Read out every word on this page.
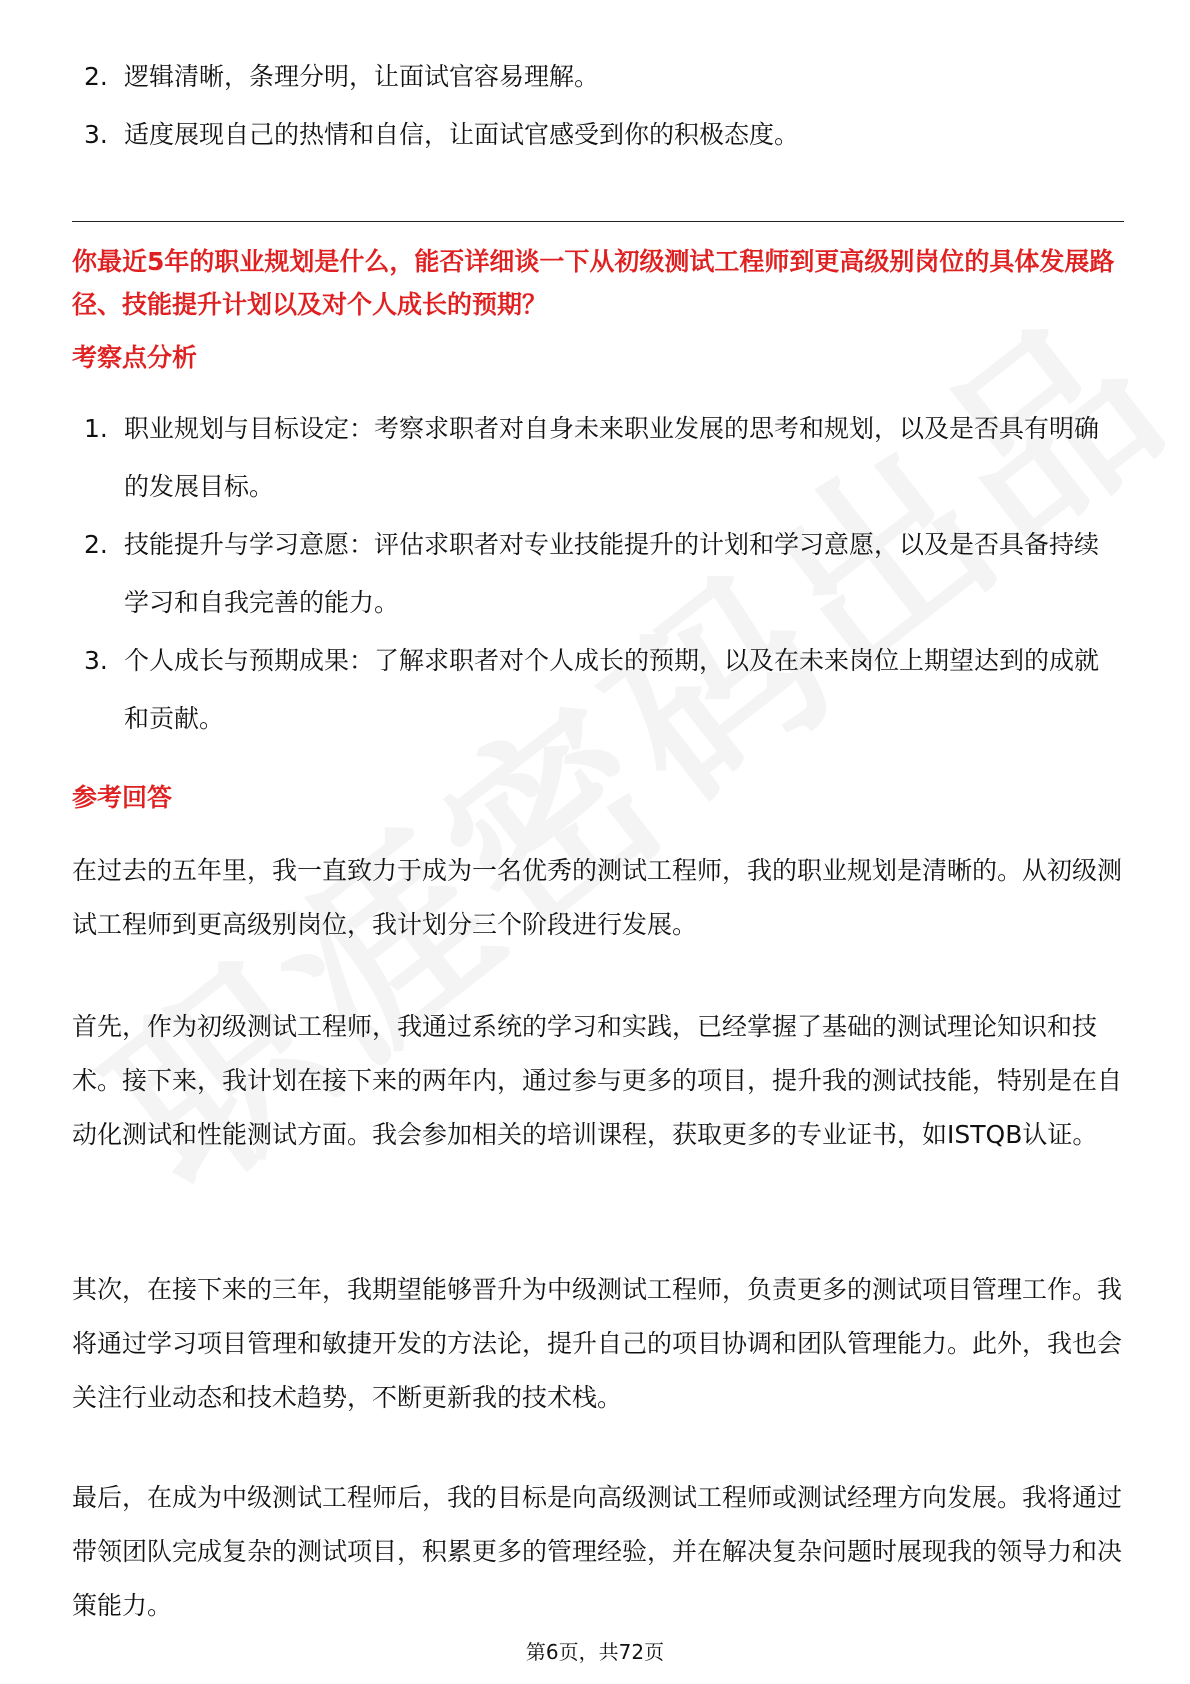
2. 逻辑清晰，条理分明，让面试官容易理解。
3. 适度展现自己的热情和自信，让面试官感受到你的积极态度。

你最近5年的职业规划是什么，能否详细谈一下从初级测试工程师到更高级别岗位的具体发展路径、技能提升计划以及对个人成长的预期？

考察点分析

1. 职业规划与目标设定：考察求职者对自身未来职业发展的思考和规划，以及是否具有明确的发展目标。
2. 技能提升与学习意愿：评估求职者对专业技能提升的计划和学习意愿，以及是否具备持续学习和自我完善的能力。
3. 个人成长与预期成果：了解求职者对个人成长的预期，以及在未来岗位上期望达到的成就和贡献。

参考回答

在过去的五年里，我一直致力于成为一名优秀的测试工程师，我的职业规划是清晰的。从初级测试工程师到更高级别岗位，我计划分三个阶段进行发展。

首先，作为初级测试工程师，我通过系统的学习和实践，已经掌握了基础的测试理论知识和技术。接下来，我计划在接下来的两年内，通过参与更多的项目，提升我的测试技能，特别是在自动化测试和性能测试方面。我会参加相关的培训课程，获取更多的专业证书，如ISTQB认证。

其次，在接下来的三年，我期望能够晋升为中级测试工程师，负责更多的测试项目管理工作。我将通过学习项目管理和敏捷开发的方法论，提升自己的项目协调和团队管理能力。此外，我也会关注行业动态和技术趋势，不断更新我的技术栈。

最后，在成为中级测试工程师后，我的目标是向高级测试工程师或测试经理方向发展。我将通过带领团队完成复杂的测试项目，积累更多的管理经验，并在解决复杂问题时展现我的领导力和决策能力。

第6页，共72页
